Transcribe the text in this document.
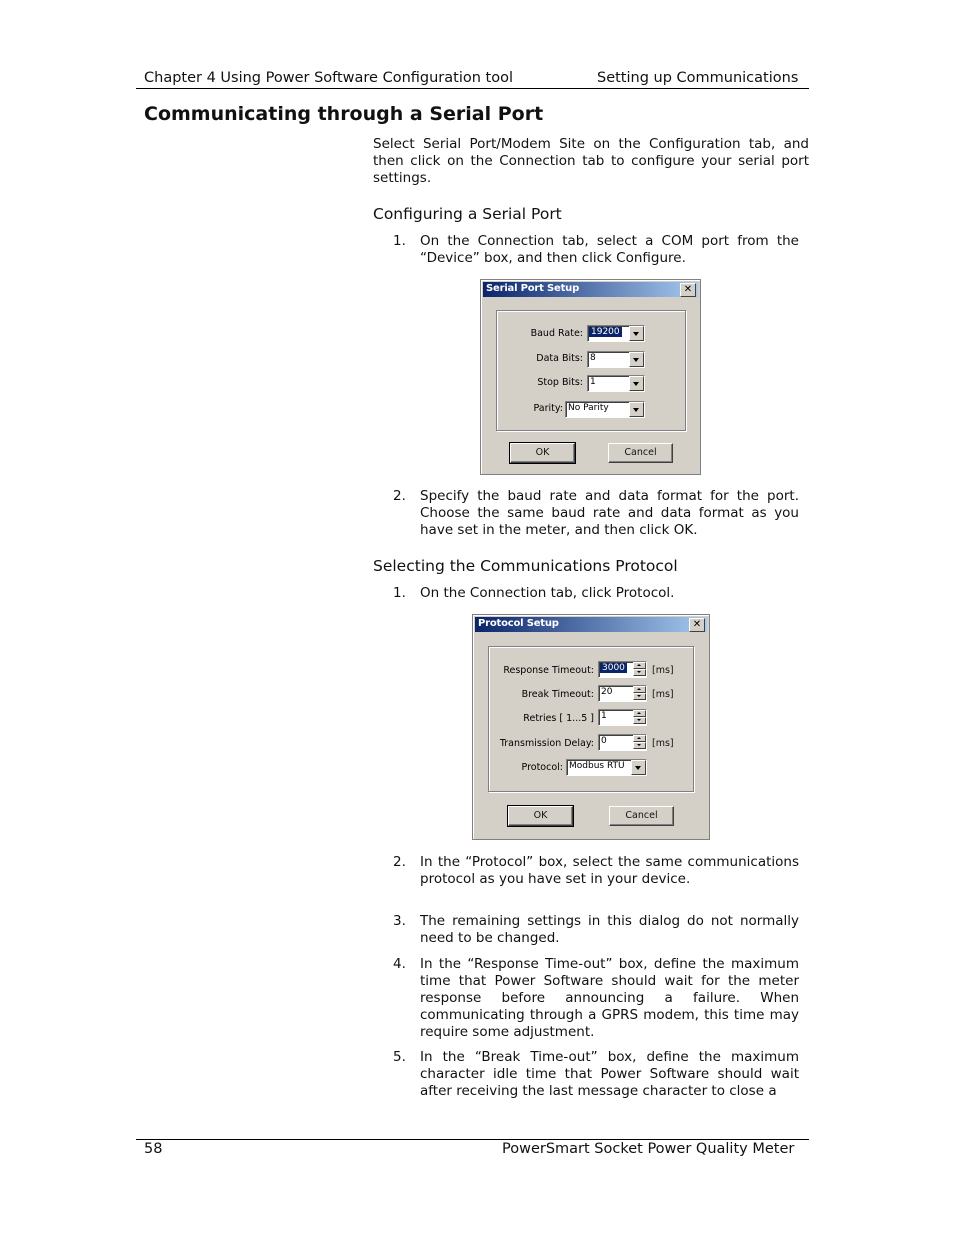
Chapter 4 Using Power Software Configuration tool	Setting up Communications
Communicating through a Serial Port
Select Serial Port/Modem Site on the Configuration tab, and then click on the Connection tab to configure your serial port settings.
Configuring a Serial Port
1.	On the Connection tab, select a COM port from the “Device” box, and then click Configure.
Serial Port Setup	✕
Baud Rate: 19200
Data Bits: 8
Stop Bits: 1
Parity: No Parity
OK	Cancel
2.	Specify the baud rate and data format for the port. Choose the same baud rate and data format as you have set in the meter, and then click OK.
Selecting the Communications Protocol
1.	On the Connection tab, click Protocol.
Protocol Setup	✕
Response Timeout: 3000	[ms]
Break Timeout: 20	[ms]
Retries [ 1...5 ] 1
Transmission Delay: 0	[ms]
Protocol: Modbus RTU
OK	Cancel
2.	In the “Protocol” box, select the same communications protocol as you have set in your device.
3.	The remaining settings in this dialog do not normally need to be changed.
4.	In the “Response Time-out” box, define the maximum time that Power Software should wait for the meter response before announcing a failure. When communicating through a GPRS modem, this time may require some adjustment.
5.	In the “Break Time-out” box, define the maximum character idle time that Power Software should wait after receiving the last message character to close a
58	PowerSmart Socket Power Quality Meter
